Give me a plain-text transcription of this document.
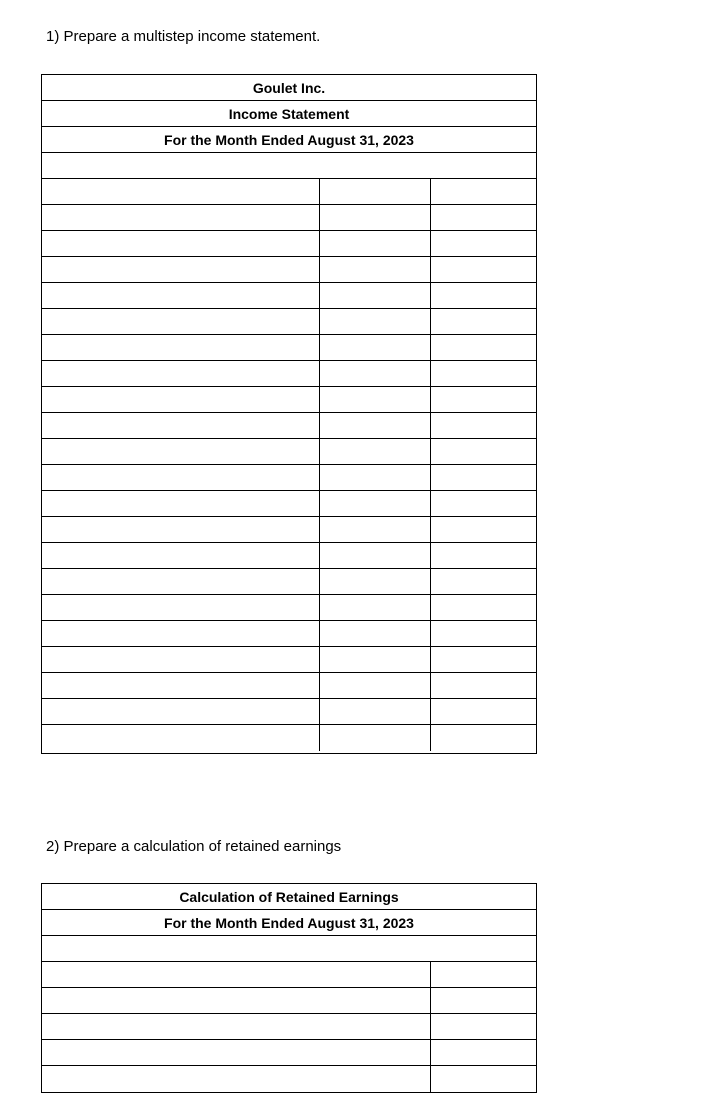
1) Prepare a multistep income statement.
Goulet Inc.
Income Statement
For the Month Ended August 31, 2023
2) Prepare a calculation of retained earnings
Calculation of Retained Earnings
For the Month Ended August 31, 2023
